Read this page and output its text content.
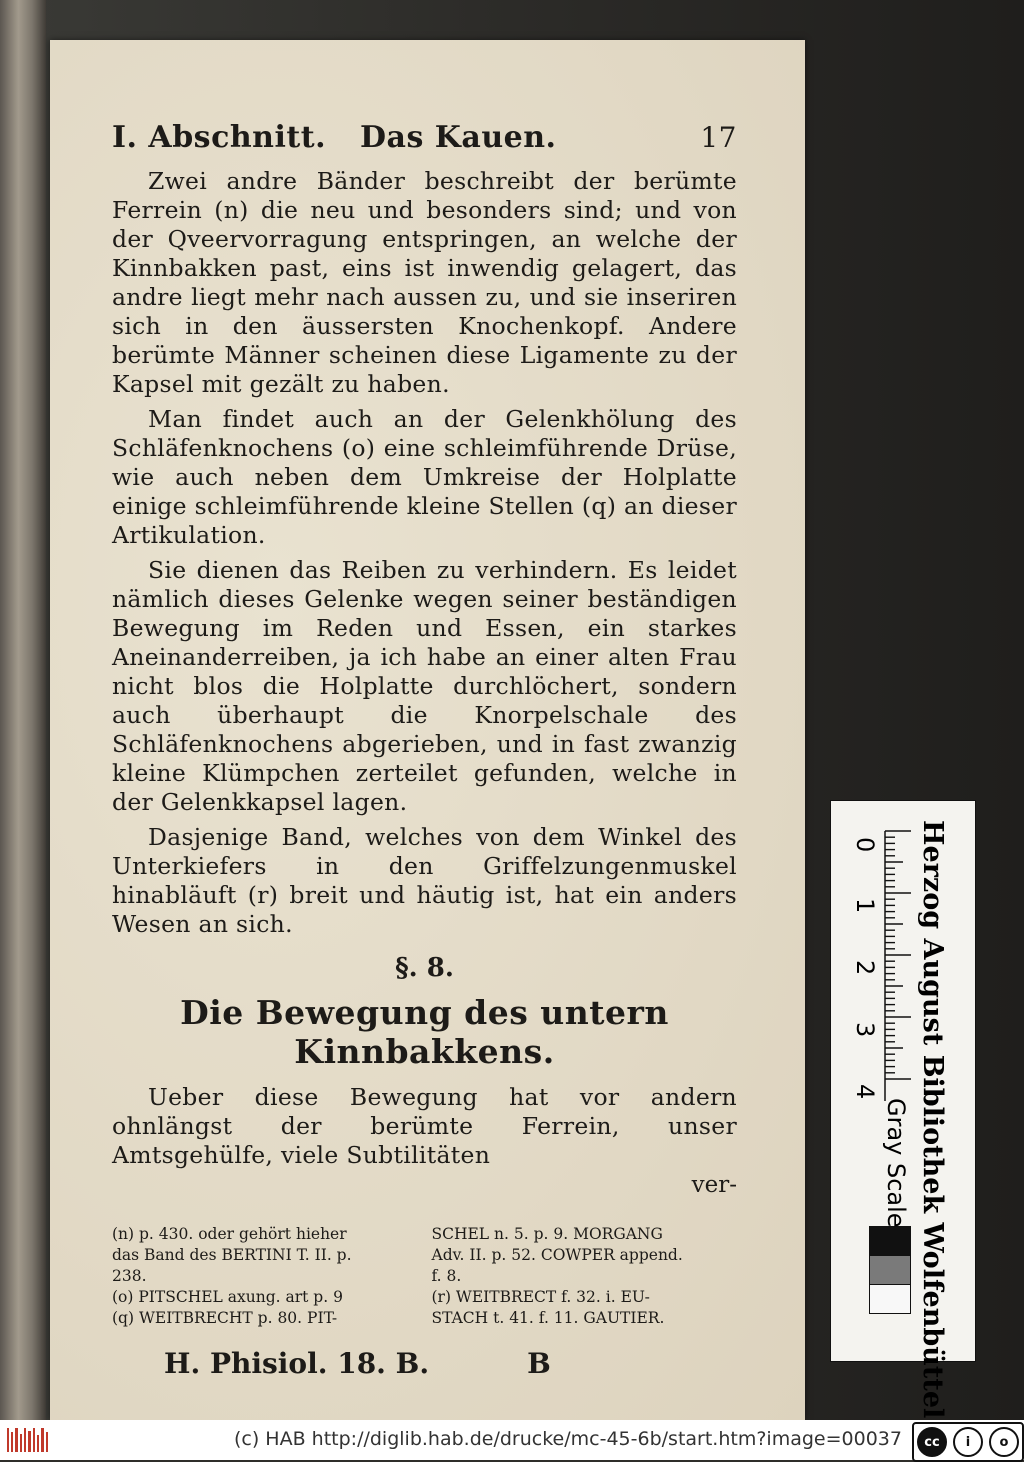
I. Abschnitt. Das Kauen.	17

Zwei andre Bänder beschreibt der berümte Ferrein (n) die neu und besonders sind; und von der Qveervorragung entspringen, an welche der Kinnbakken past, eins ist inwendig gelagert, das andre liegt mehr nach aussen zu, und sie inseriren sich in den äussersten Knochenkopf. Andere berümte Männer scheinen diese Ligamente zu der Kapsel mit gezält zu haben.

Man findet auch an der Gelenkhölung des Schläfenknochens (o) eine schleimführende Drüse, wie auch neben dem Umkreise der Holplatte einige schleimführende kleine Stellen (q) an dieser Artikulation.

Sie dienen das Reiben zu verhindern. Es leidet nämlich dieses Gelenke wegen seiner beständigen Bewegung im Reden und Essen, ein starkes Aneinanderreiben, ja ich habe an einer alten Frau nicht blos die Holplatte durchlöchert, sondern auch überhaupt die Knorpelschale des Schläfenknochens abgerieben, und in fast zwanzig kleine Klümpchen zerteilet gefunden, welche in der Gelenkkapsel lagen.

Dasjenige Band, welches von dem Winkel des Unterkiefers in den Griffelzungenmuskel hinabläuft (r) breit und häutig ist, hat ein anders Wesen an sich.

§. 8.
Die Bewegung des untern Kinnbakkens.

Ueber diese Bewegung hat vor andern ohnlängst der berümte Ferrein, unser Amtsgehülfe, viele Subtilitäten

ver-
(n) p. 430. oder gehört hieher
das Band des BERTINI T. II. p.
238.
(o) PITSCHEL axung. art p. 9
(q) WEITBRECHT p. 80. PIT-
SCHEL n. 5. p. 9. MORGANG
Adv. II. p. 52. COWPER append.
f. 8.
(r) WEITBRECT f. 32. i. EU-
STACH t. 41. f. 11. GAUTIER.
H. Phisiol. 18. B.	B
0
1
2
3
4 Herzog August Bibliothek Wolfenbüttel
Gray Scale
(c) HAB http://diglib.hab.de/drucke/mc-45-6b/start.htm?image=00037	cc	i	o
